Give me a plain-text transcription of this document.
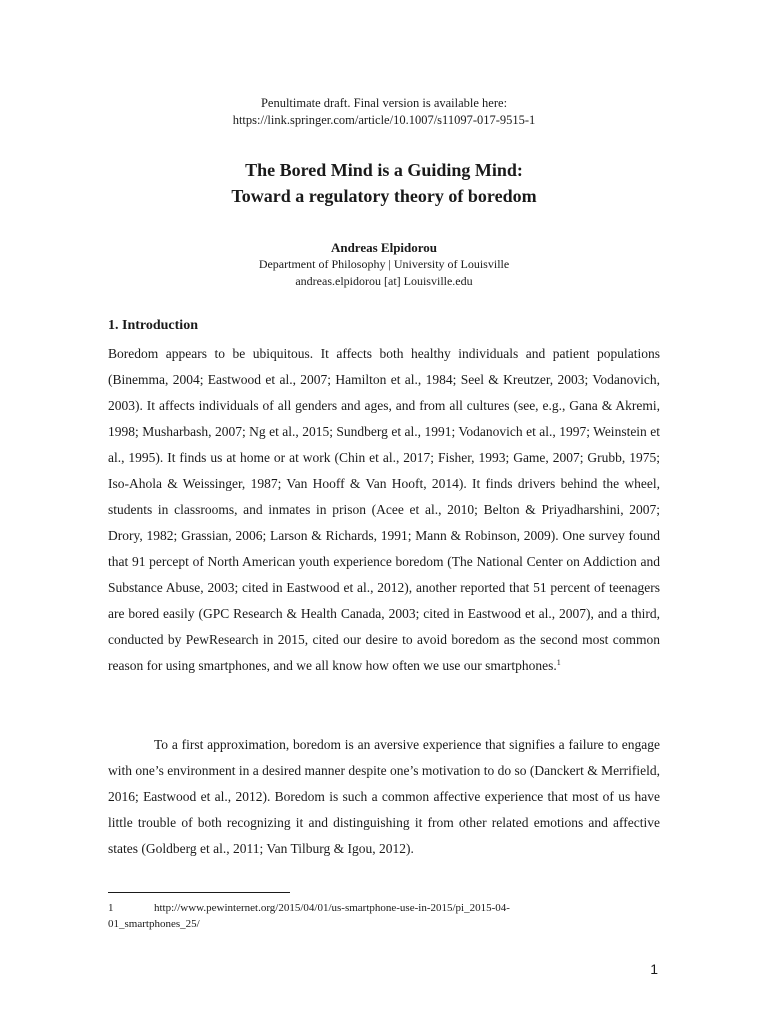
Penultimate draft. Final version is available here:
https://link.springer.com/article/10.1007/s11097-017-9515-1
The Bored Mind is a Guiding Mind:
Toward a regulatory theory of boredom
Andreas Elpidorou
Department of Philosophy | University of Louisville
andreas.elpidorou [at] Louisville.edu
1. Introduction

Boredom appears to be ubiquitous. It affects both healthy individuals and patient populations (Binemma, 2004; Eastwood et al., 2007; Hamilton et al., 1984; Seel & Kreutzer, 2003; Vodanovich, 2003). It affects individuals of all genders and ages, and from all cultures (see, e.g., Gana & Akremi, 1998; Musharbash, 2007; Ng et al., 2015; Sundberg et al., 1991; Vodanovich et al., 1997; Weinstein et al., 1995). It finds us at home or at work (Chin et al., 2017; Fisher, 1993; Game, 2007; Grubb, 1975; Iso-Ahola & Weissinger, 1987; Van Hooff & Van Hooft, 2014). It finds drivers behind the wheel, students in classrooms, and inmates in prison (Acee et al., 2010; Belton & Priyadharshini, 2007; Drory, 1982; Grassian, 2006; Larson & Richards, 1991; Mann & Robinson, 2009). One survey found that 91 percept of North American youth experience boredom (The National Center on Addiction and Substance Abuse, 2003; cited in Eastwood et al., 2012), another reported that 51 percent of teenagers are bored easily (GPC Research & Health Canada, 2003; cited in Eastwood et al., 2007), and a third, conducted by PewResearch in 2015, cited our desire to avoid boredom as the second most common reason for using smartphones, and we all know how often we use our smartphones.$^1$

To a first approximation, boredom is an aversive experience that signifies a failure to engage with one’s environment in a desired manner despite one’s motivation to do so (Danckert & Merrifield, 2016; Eastwood et al., 2012). Boredom is such a common affective experience that most of us have little trouble of both recognizing it and distinguishing it from other related emotions and affective states (Goldberg et al., 2011; Van Tilburg & Igou, 2012).

1	http://www.pewinternet.org/2015/04/01/us-smartphone-use-in-2015/pi_2015-04-01_smartphones_25/
1
